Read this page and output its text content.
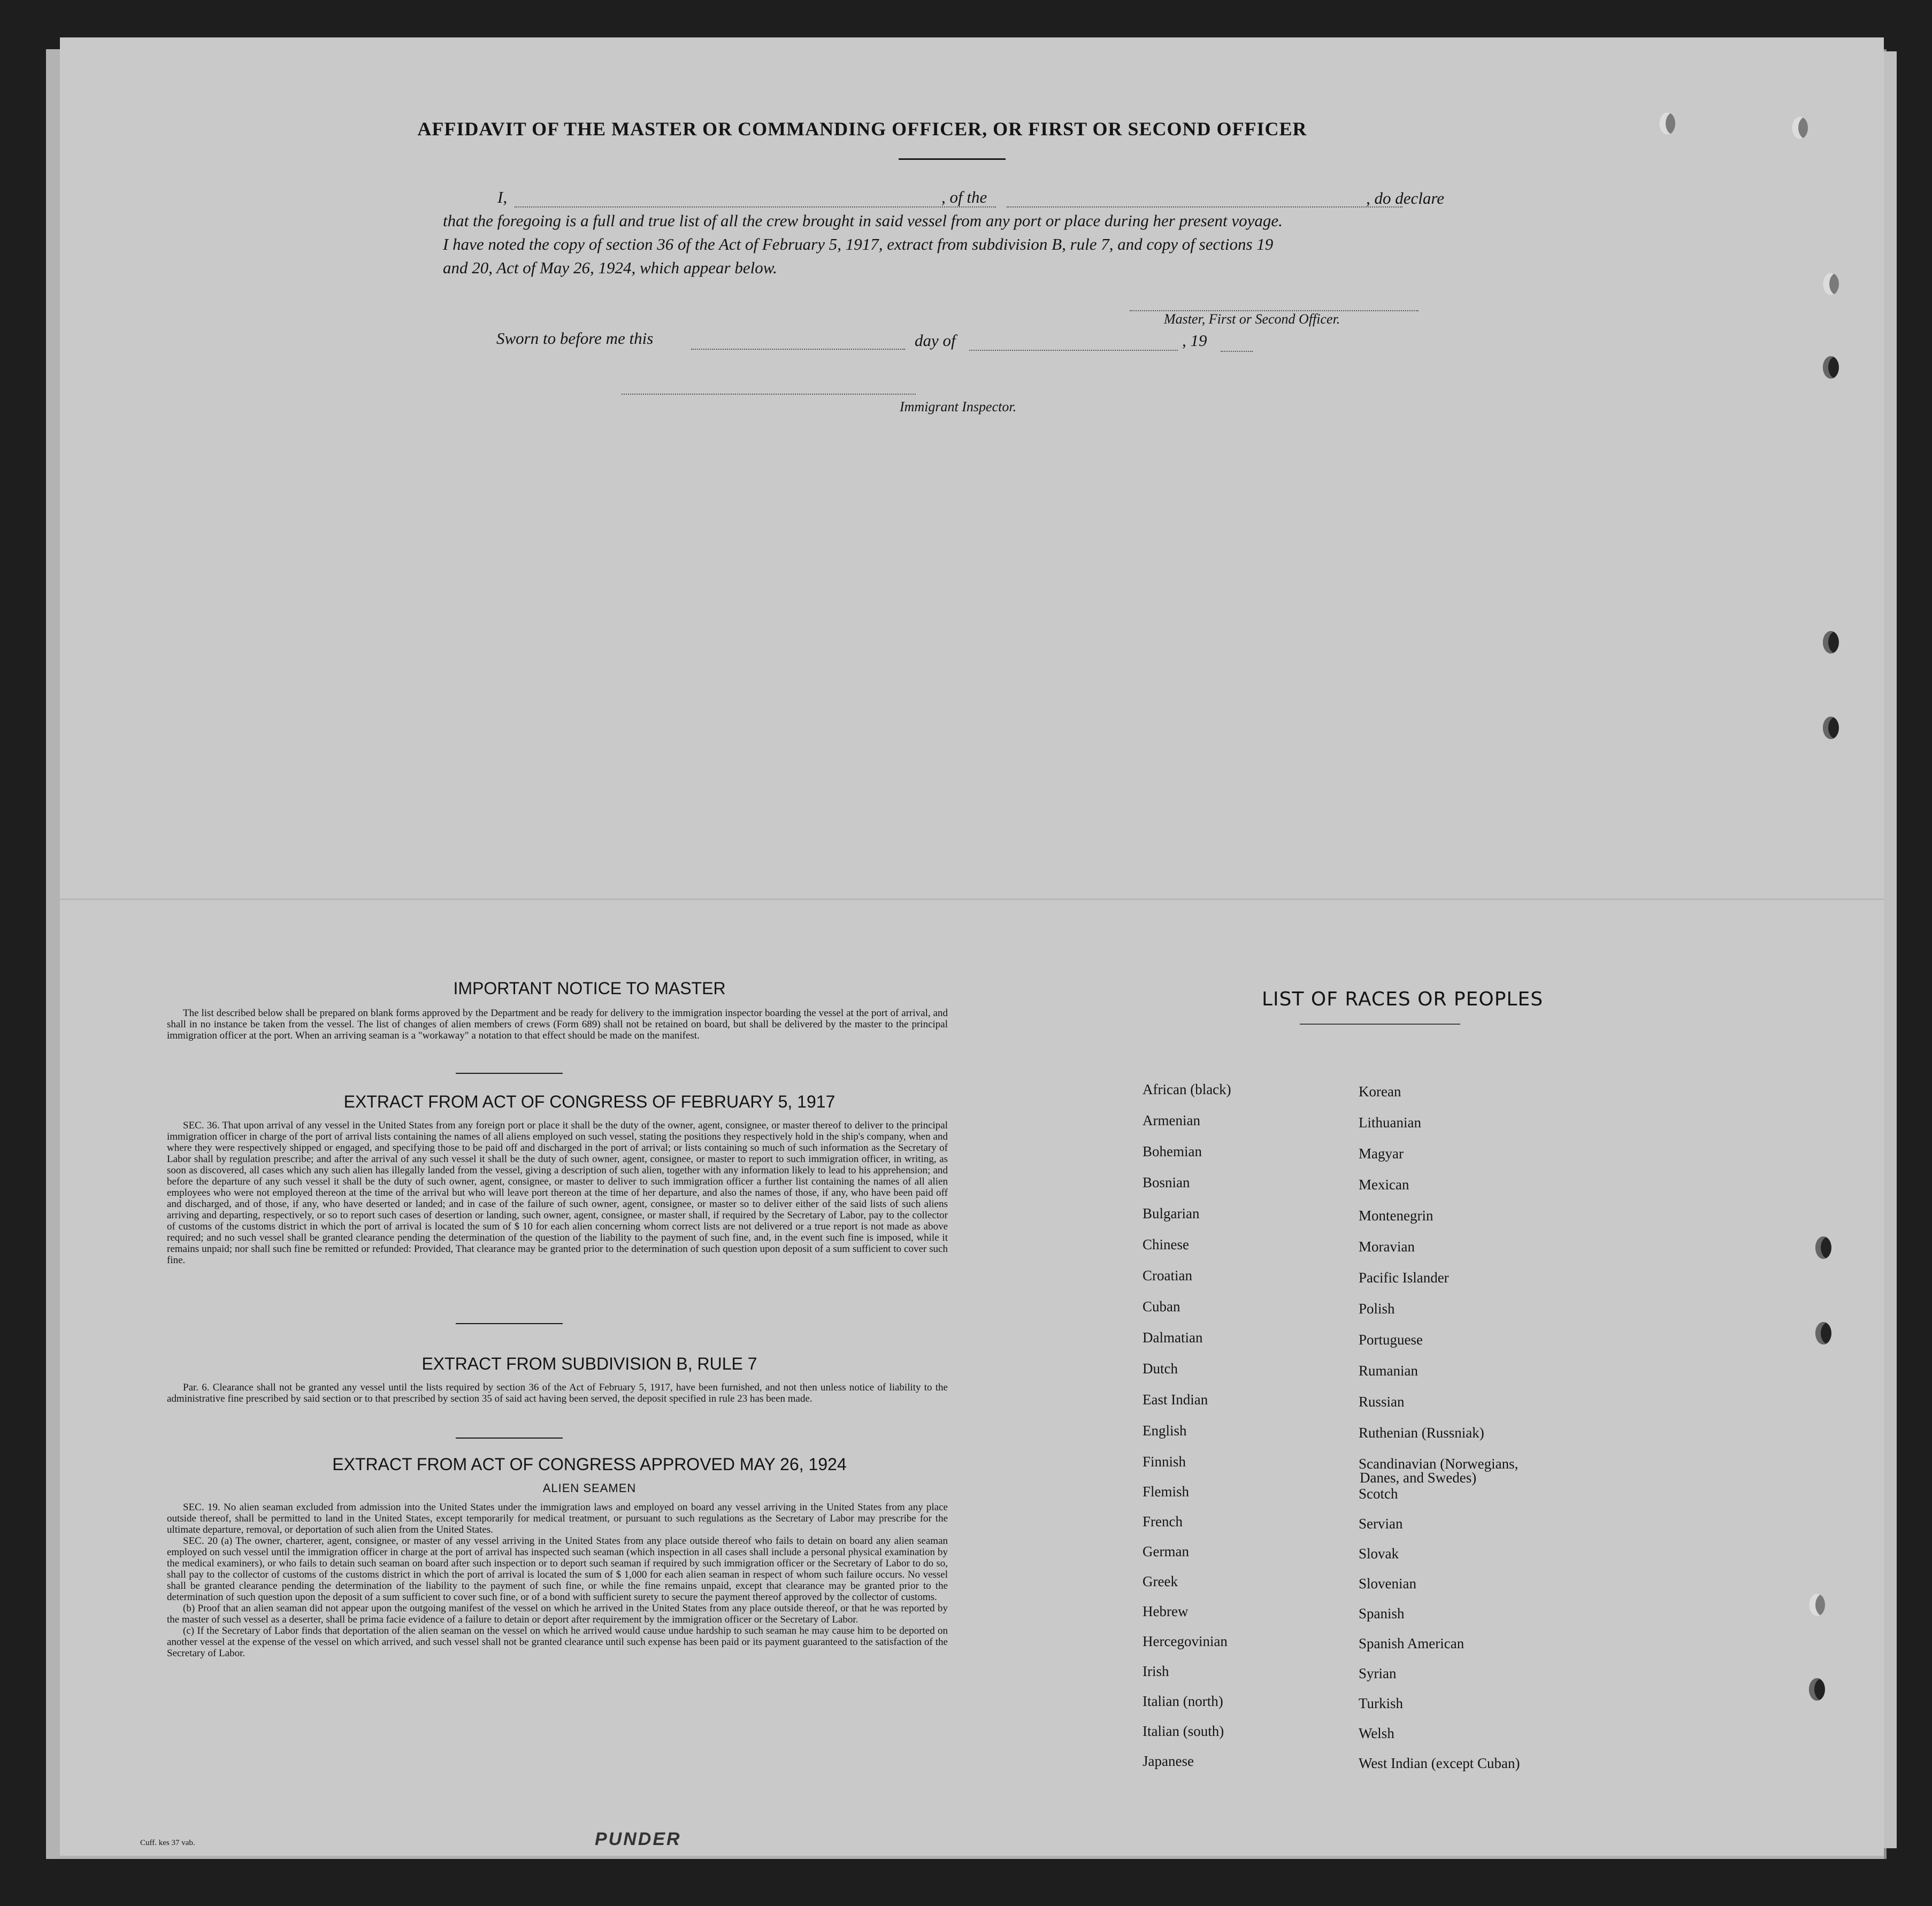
AFFIDAVIT OF THE MASTER OR COMMANDING OFFICER, OR FIRST OR SECOND OFFICER
I,	, of the	, do declare
that the foregoing is a full and true list of all the crew brought in said vessel from any port or place during her present voyage.
I have noted the copy of section 36 of the Act of February 5, 1917, extract from subdivision B, rule 7, and copy of sections 19
and 20, Act of May 26, 1924, which appear below.
Master, First or Second Officer.
Sworn to before me this	day of	, 19
Immigrant Inspector.
IMPORTANT NOTICE TO MASTER

The list described below shall be prepared on blank forms approved by the Department and be ready for delivery to the immigration inspector boarding the vessel at the port of arrival, and shall in no instance be taken from the vessel. The list of changes of alien members of crews (Form 689) shall not be retained on board, but shall be delivered by the master to the principal immigration officer at the port. When an arriving seaman is a "workaway" a notation to that effect should be made on the manifest.

EXTRACT FROM ACT OF CONGRESS OF FEBRUARY 5, 1917

SEC. 36. That upon arrival of any vessel in the United States from any foreign port or place it shall be the duty of the owner, agent, consignee, or master thereof to deliver to the principal immigration officer in charge of the port of arrival lists containing the names of all aliens employed on such vessel, stating the positions they respectively hold in the ship's company, when and where they were respectively shipped or engaged, and specifying those to be paid off and discharged in the port of arrival; or lists containing so much of such information as the Secretary of Labor shall by regulation prescribe; and after the arrival of any such vessel it shall be the duty of such owner, agent, consignee, or master to report to such immigration officer, in writing, as soon as discovered, all cases which any such alien has illegally landed from the vessel, giving a description of such alien, together with any information likely to lead to his apprehension; and before the departure of any such vessel it shall be the duty of such owner, agent, consignee, or master to deliver to such immigration officer a further list containing the names of all alien employees who were not employed thereon at the time of the arrival but who will leave port thereon at the time of her departure, and also the names of those, if any, who have been paid off and discharged, and of those, if any, who have deserted or landed; and in case of the failure of such owner, agent, consignee, or master so to deliver either of the said lists of such aliens arriving and departing, respectively, or so to report such cases of desertion or landing, such owner, agent, consignee, or master shall, if required by the Secretary of Labor, pay to the collector of customs of the customs district in which the port of arrival is located the sum of $ 10 for each alien concerning whom correct lists are not delivered or a true report is not made as above required; and no such vessel shall be granted clearance pending the determination of the question of the liability to the payment of such fine, and, in the event such fine is imposed, while it remains unpaid; nor shall such fine be remitted or refunded: Provided, That clearance may be granted prior to the determination of such question upon deposit of a sum sufficient to cover such fine.

EXTRACT FROM SUBDIVISION B, RULE 7

Par. 6. Clearance shall not be granted any vessel until the lists required by section 36 of the Act of February 5, 1917, have been furnished, and not then unless notice of liability to the administrative fine prescribed by said section or to that prescribed by section 35 of said act having been served, the deposit specified in rule 23 has been made.

EXTRACT FROM ACT OF CONGRESS APPROVED MAY 26, 1924
ALIEN SEAMEN

SEC. 19. No alien seaman excluded from admission into the United States under the immigration laws and employed on board any vessel arriving in the United States from any place outside thereof, shall be permitted to land in the United States, except temporarily for medical treatment, or pursuant to such regulations as the Secretary of Labor may prescribe for the ultimate departure, removal, or deportation of such alien from the United States.

SEC. 20 (a) The owner, charterer, agent, consignee, or master of any vessel arriving in the United States from any place outside thereof who fails to detain on board any alien seaman employed on such vessel until the immigration officer in charge at the port of arrival has inspected such seaman (which inspection in all cases shall include a personal physical examination by the medical examiners), or who fails to detain such seaman on board after such inspection or to deport such seaman if required by such immigration officer or the Secretary of Labor to do so, shall pay to the collector of customs of the customs district in which the port of arrival is located the sum of $ 1,000 for each alien seaman in respect of whom such failure occurs. No vessel shall be granted clearance pending the determination of the liability to the payment of such fine, or while the fine remains unpaid, except that clearance may be granted prior to the determination of such question upon the deposit of a sum sufficient to cover such fine, or of a bond with sufficient surety to secure the payment thereof approved by the collector of customs.

(b) Proof that an alien seaman did not appear upon the outgoing manifest of the vessel on which he arrived in the United States from any place outside thereof, or that he was reported by the master of such vessel as a deserter, shall be prima facie evidence of a failure to detain or deport after requirement by the immigration officer or the Secretary of Labor.

(c) If the Secretary of Labor finds that deportation of the alien seaman on the vessel on which he arrived would cause undue hardship to such seaman he may cause him to be deported on another vessel at the expense of the vessel on which arrived, and such vessel shall not be granted clearance until such expense has been paid or its payment guaranteed to the satisfaction of the Secretary of Labor.

LIST OF RACES OR PEOPLES
African (black)
Armenian
Bohemian
Bosnian
Bulgarian
Chinese
Croatian
Cuban
Dalmatian
Dutch
East Indian
English
Finnish
Flemish
French
German
Greek
Hebrew
Hercegovinian
Irish
Italian (north)
Italian (south)
Japanese
Korean
Lithuanian
Magyar
Mexican
Montenegrin
Moravian
Pacific Islander
Polish
Portuguese
Rumanian
Russian
Ruthenian (Russniak)
Scandinavian (Norwegians,
Danes, and Swedes)
Scotch
Servian
Slovak
Slovenian
Spanish
Spanish American
Syrian
Turkish
Welsh
West Indian (except Cuban)
Cuff. kes 37 vab.	PUNDER
